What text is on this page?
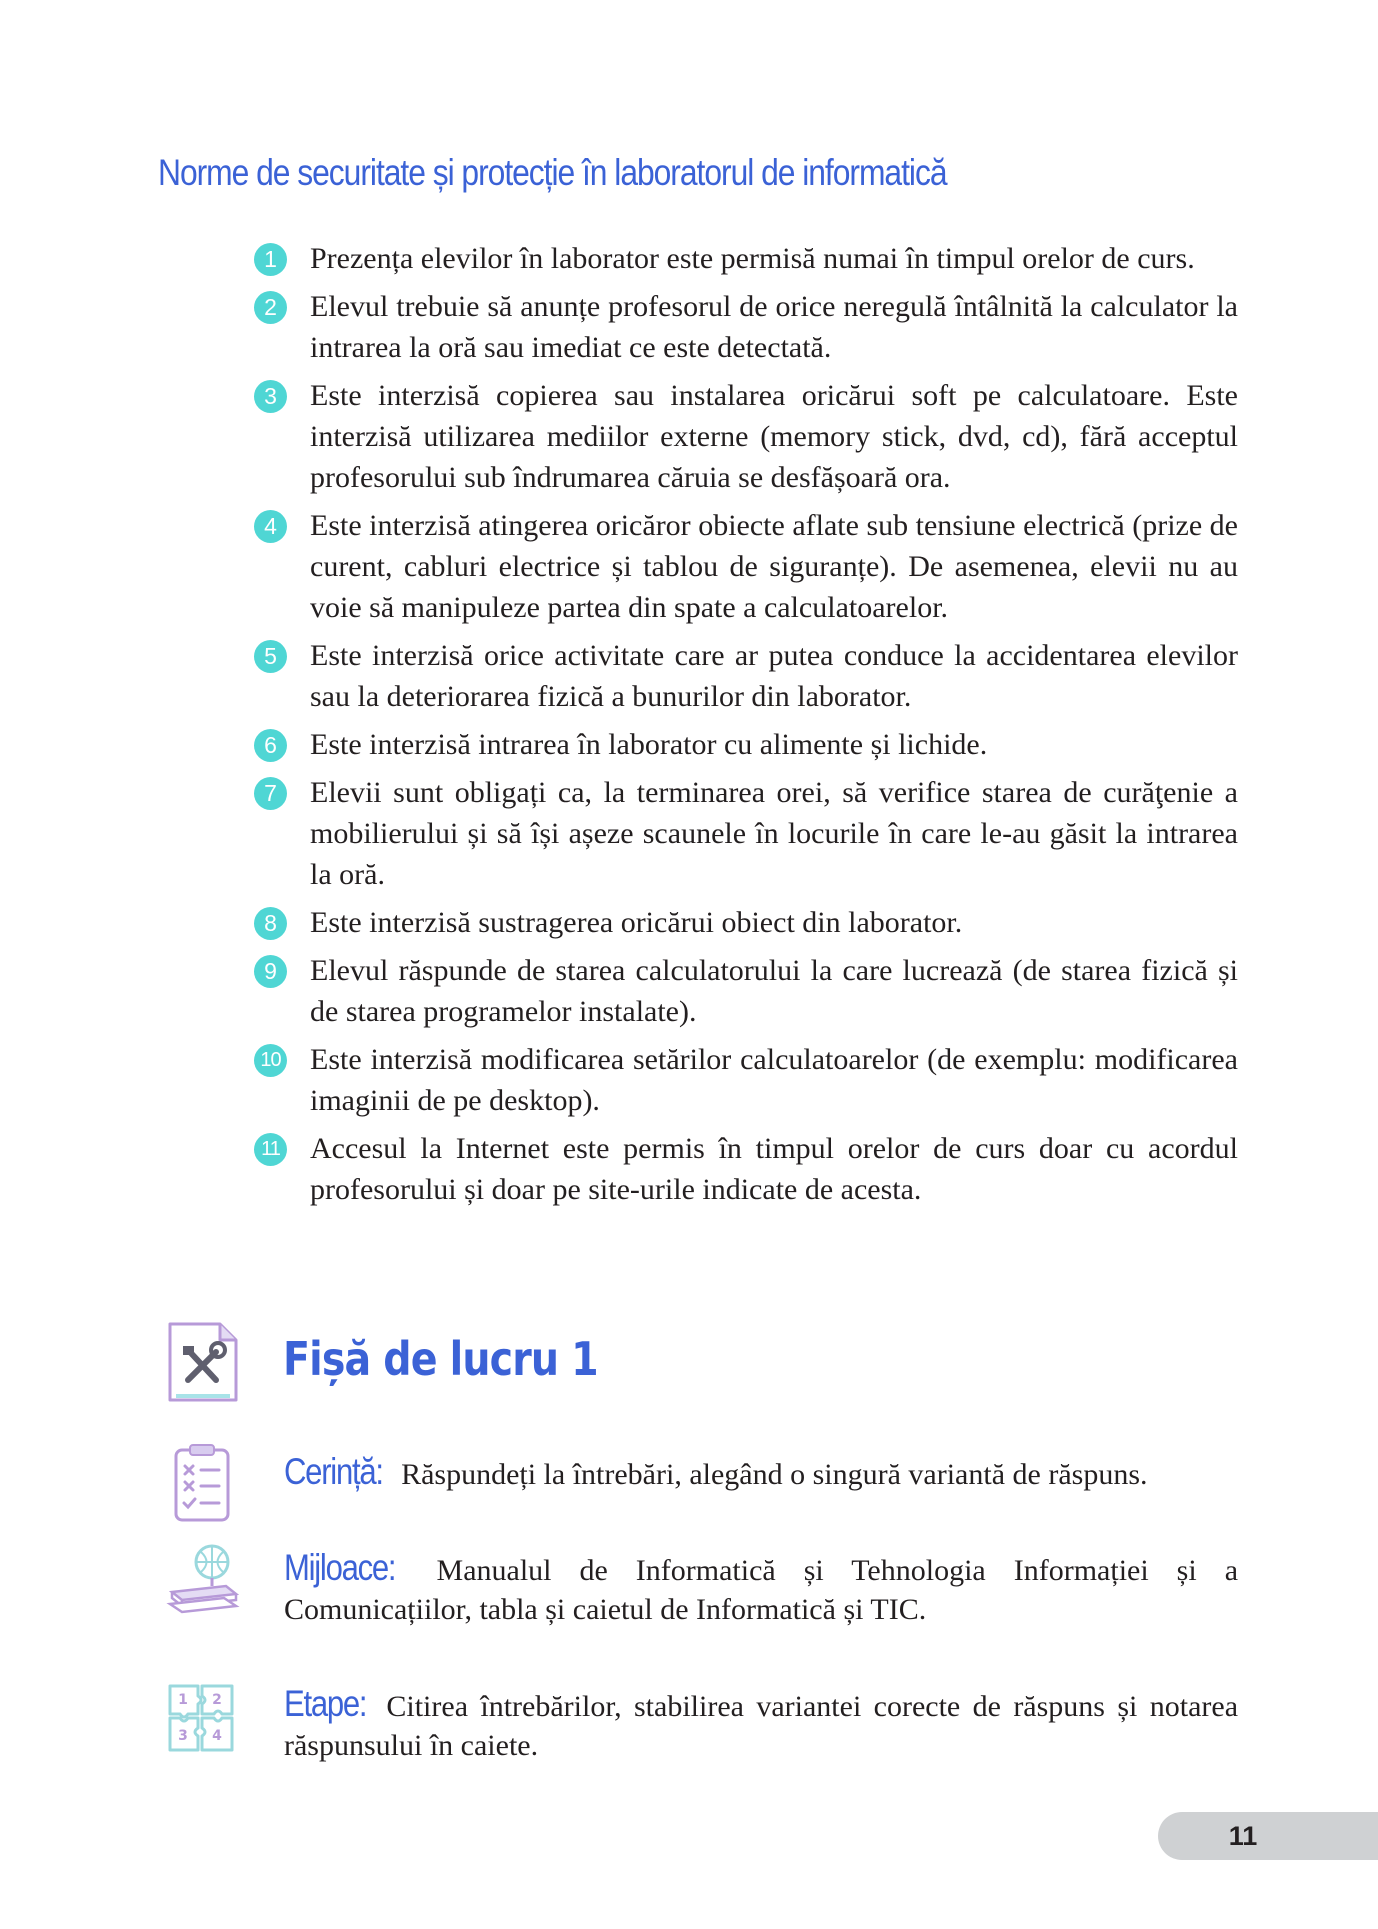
Norme de securitate și protecție în laboratorul de informatică
1	Prezența elevilor în laborator este permisă numai în timpul orelor de curs.
2	Elevul trebuie să anunțe profesorul de orice neregulă întâlnită la calculator la intrarea la oră sau imediat ce este detectată.
3	Este interzisă copierea sau instalarea oricărui soft pe calculatoare. Este interzisă utilizarea mediilor externe (memory stick, dvd, cd), fără acceptul profesorului sub îndrumarea căruia se desfășoară ora.
4	Este interzisă atingerea oricăror obiecte aflate sub tensiune electrică (prize de curent, cabluri electrice și tablou de siguranțe). De asemenea, elevii nu au voie să manipuleze partea din spate a calculatoarelor.
5	Este interzisă orice activitate care ar putea conduce la accidentarea elevilor sau la deteriorarea fizică a bunurilor din laborator.
6	Este interzisă intrarea în laborator cu alimente și lichide.
7	Elevii sunt obligați ca, la terminarea orei, să verifice starea de curăţenie a mobilierului și să își așeze scaunele în locurile în care le-au găsit la intrarea la oră.
8	Este interzisă sustragerea oricărui obiect din laborator.
9	Elevul răspunde de starea calculatorului la care lucrează (de starea fizică și de starea programelor instalate).
10 Este interzisă modificarea setărilor calculatoarelor (de exemplu: modificarea imaginii de pe desktop).
11 Accesul la Internet este permis în timpul orelor de curs doar cu acordul profesorului și doar pe site-urile indicate de acesta.
Fișă de lucru 1
Cerință: Răspundeți la întrebări, alegând o singură variantă de răspuns.
Mijloace: Manualul de Informatică și Tehnologia Informației și a Comunicațiilor, tabla și caietul de Informatică și TIC.
1 2
3 4
Etape: Citirea întrebărilor, stabilirea variantei corecte de răspuns și notarea răspunsului în caiete.
11
